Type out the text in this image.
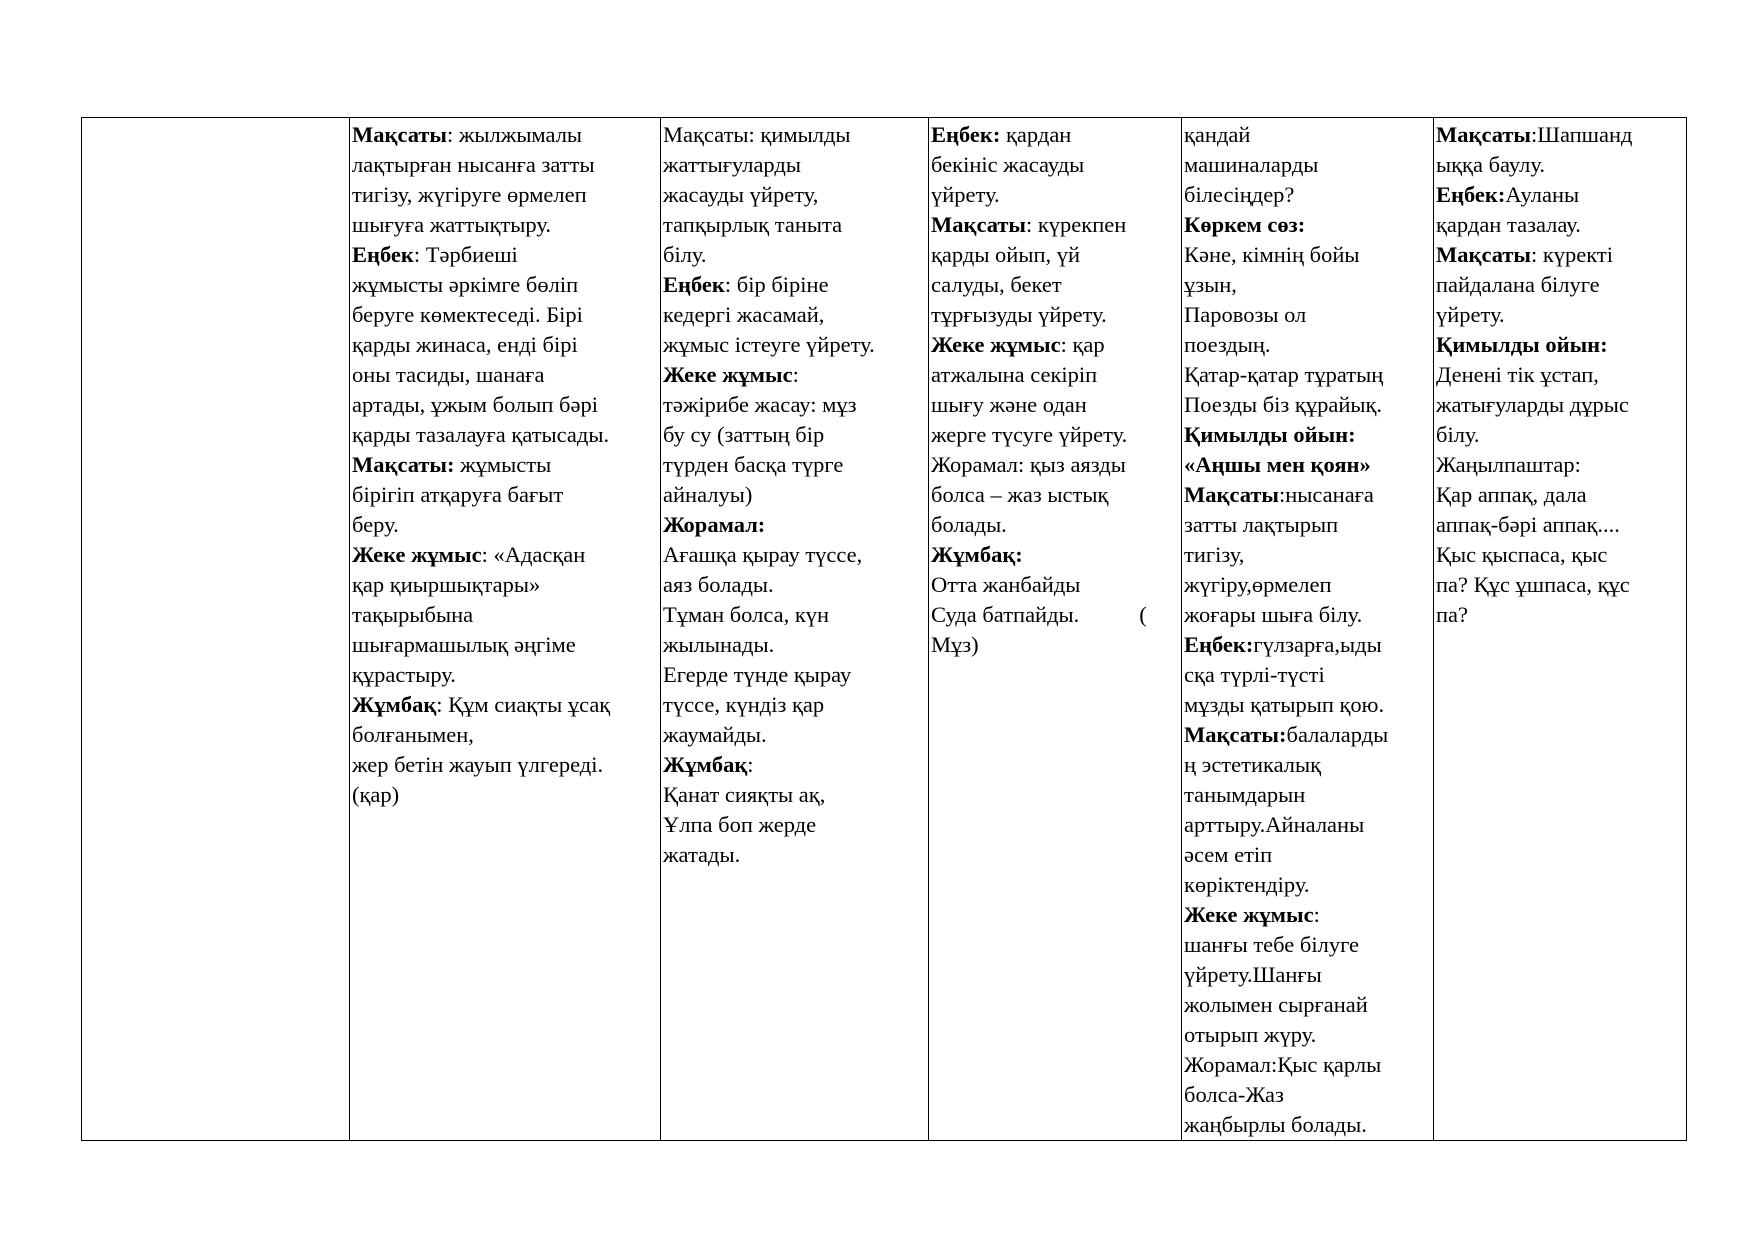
Мақсаты: жылжымалы
лақтырған нысанға затты
тигізу, жүгіруге өрмелеп
шығуға жаттықтыру.
Еңбек: Тәрбиеші
жұмысты әркімге бөліп
беруге көмектеседі. Бірі
қарды жинаса, енді бірі
оны тасиды, шанаға
артады, ұжым болып бәрі
қарды тазалауға қатысады.
Мақсаты: жұмысты
бірігіп атқаруға бағыт
беру.
Жеке жұмыс: «Адасқан
қар қиыршықтары»
тақырыбына
шығармашылық әңгіме
құрастыру.
Жұмбақ: Құм сиақты ұсақ
болғанымен,
жер бетін жауып үлгереді.
(қар)

Мақсаты: қимылды
жаттығуларды
жасауды үйрету,
тапқырлық таныта
білу.
Еңбек: бір біріне
кедергі жасамай,
жұмыс істеуге үйрету.
Жеке жұмыс:
тәжірибе жасау: мұз
бу су (заттың бір
түрден басқа түрге
айналуы)
Жорамал:
Ағашқа қырау түссе,
аяз болады.
Тұман болса, күн
жылынады.
Егерде түнде қырау
түссе, күндіз қар
жаумайды.
Жұмбақ:
Қанат сияқты ақ,
Ұлпа боп жерде
жатады.

Еңбек: қардан
бекініс жасауды
үйрету.
Мақсаты: күрекпен
қарды ойып, үй
салуды, бекет
тұрғызуды үйрету.
Жеке жұмыс: қар
атжалына секіріп
шығу және одан
жерге түсуге үйрету.
Жорамал: қыз аязды
болса – жаз ыстық
болады.
Жұмбақ:
Отта жанбайды
Суда батпайды.	(
Мұз)

қандай
машиналарды
білесіңдер?
Көркем сөз:
Кәне, кімнің бойы
ұзын,
Паровозы ол
поездың.
Қатар-қатар тұратың
Поезды біз құрайық.
Қимылды ойын:
«Аңшы мен қоян»
Мақсаты:нысанаға
затты лақтырып
тигізу,
жүгіру,өрмелеп
жоғары шыға білу.
Еңбек:гүлзарға,ыды
сқа түрлі-түсті
мұзды қатырып қою.
Мақсаты:балаларды
ң эстетикалық
танымдарын
арттыру.Айналаны
әсем етіп
көріктендіру.
Жеке жұмыс:
шанғы тебе білуге
үйрету.Шанғы
жолымен сырғанай
отырып жүру.
Жорамал:Қыс қарлы
болса-Жаз
жаңбырлы болады.

Мақсаты:Шапшанд
ыққа баулу.
Еңбек:Ауланы
қардан тазалау.
Мақсаты: күректі
пайдалана білуге
үйрету.
Қимылды ойын:
Денені тік ұстап,
жатығуларды дұрыс
білу.
Жаңылпаштар:
Қар аппақ, дала
аппақ-бәрі аппақ....
Қыс қыспаса, қыс
па? Құс ұшпаса, құс
па?
